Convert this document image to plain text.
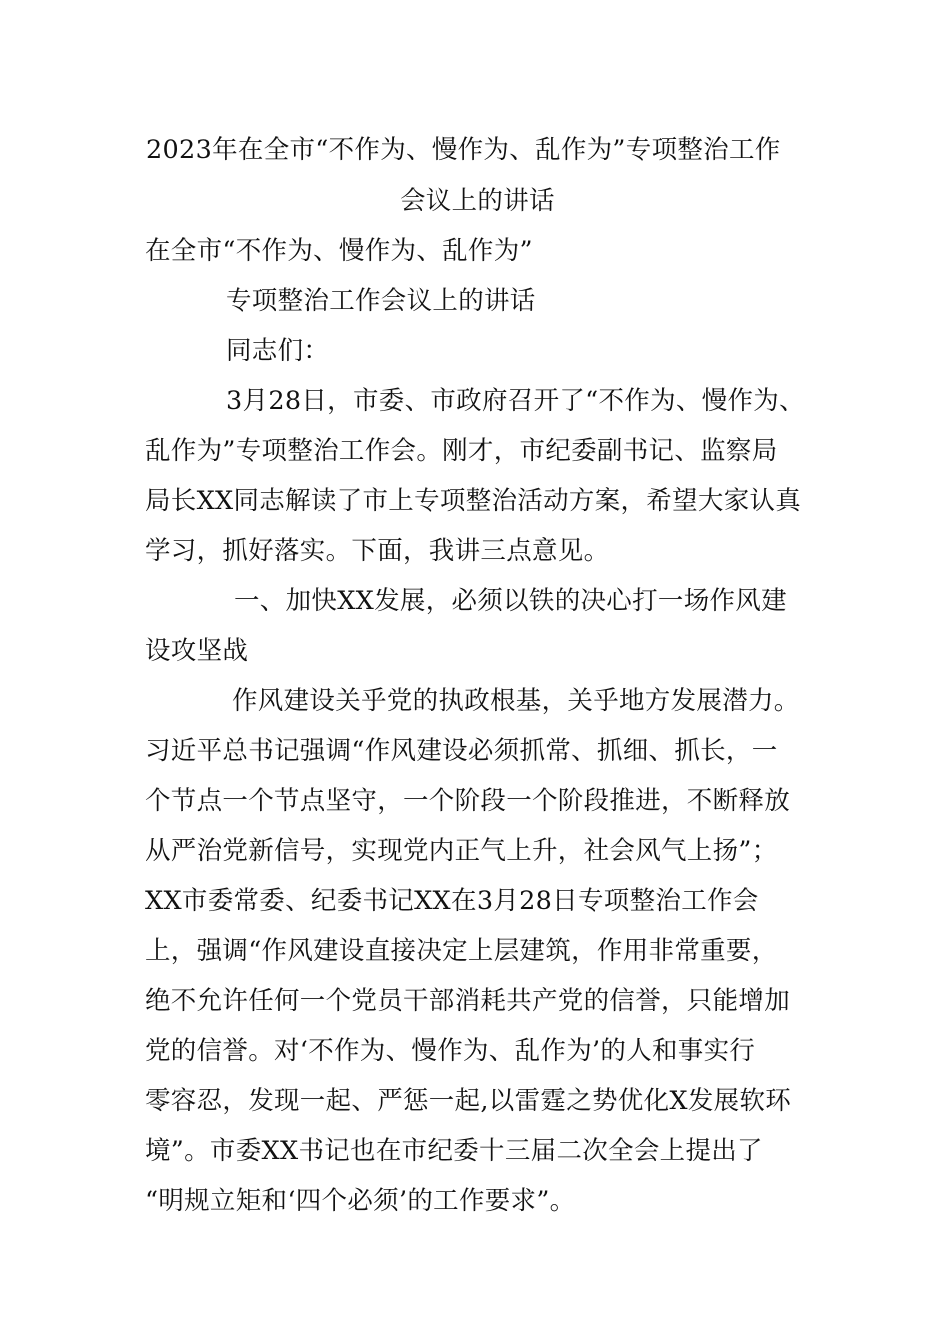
2023年在全市“不作为、慢作为、乱作为”专项整治工作
会议上的讲话
在全市“不作为、慢作为、乱作为”
专项整治工作会议上的讲话
同志们：
3月28日，市委、市政府召开了“不作为、慢作为、
乱作为”专项整治工作会。刚才，市纪委副书记、监察局
局长XX同志解读了市上专项整治活动方案，希望大家认真
学习，抓好落实。下面，我讲三点意见。
一、加快XX发展，必须以铁的决心打一场作风建
设攻坚战
作风建设关乎党的执政根基，关乎地方发展潜力。
习近平总书记强调“作风建设必须抓常、抓细、抓长，一
个节点一个节点坚守，一个阶段一个阶段推进，不断释放
从严治党新信号，实现党内正气上升，社会风气上扬”；
XX市委常委、纪委书记XX在3月28日专项整治工作会
上，强调“作风建设直接决定上层建筑，作用非常重要，
绝不允许任何一个党员干部消耗共产党的信誉，只能增加
党的信誉。对‘不作为、慢作为、乱作为’的人和事实行
零容忍，发现一起、严惩一起,以雷霆之势优化X发展软环
境”。市委XX书记也在市纪委十三届二次全会上提出了
“明规立矩和‘四个必须’的工作要求”。
